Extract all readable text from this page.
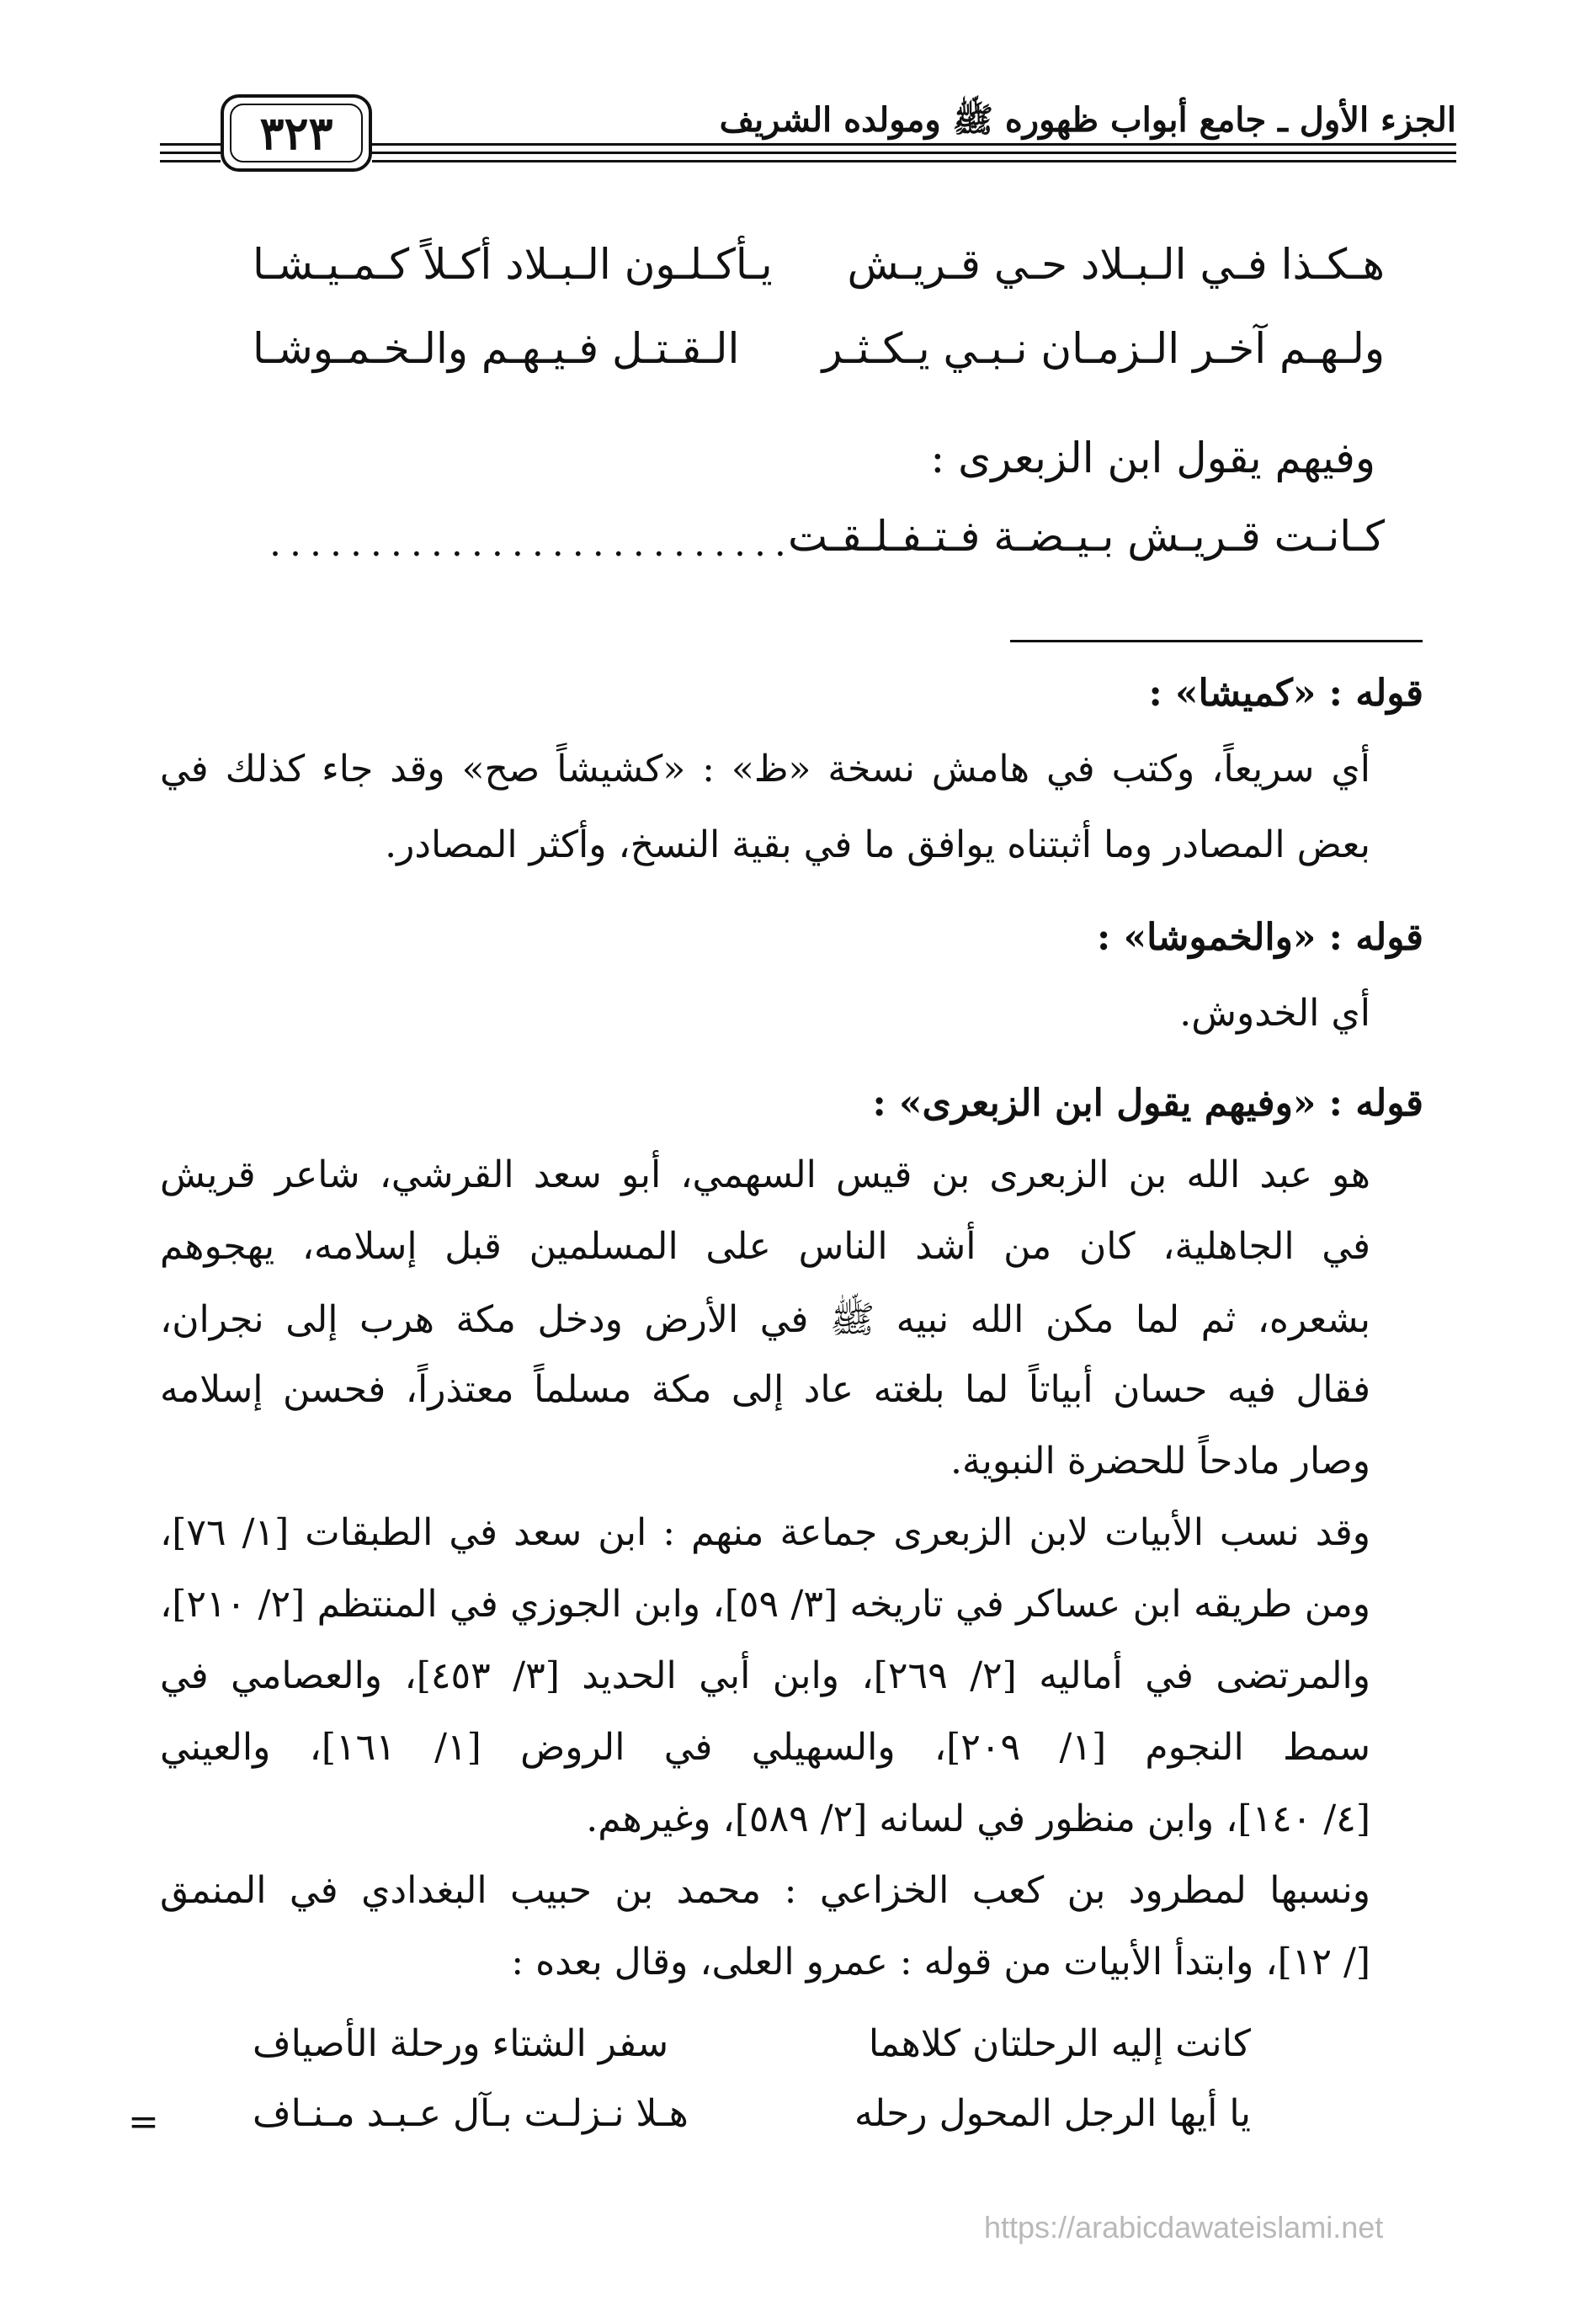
الجزء الأول ـ جامع أبواب ظهوره ﷺ ومولده الشريف
٣٢٣
هـكـذا فـي الـبـلاد حـي قـريـش
يـأكـلـون الـبـلاد أكـلاً كـمـيـشـا
ولـهـم آخـر الـزمـان نـبـي يـكـثـر
الـقـتـل فـيـهـم والـخـمـوشـا
وفيهم يقول ابن الزبعرى :
كـانـت قـريـش بـيـضـة فـتـفـلـقـت
......
....................
قوله : «كميشا» :
أي سريعاً، وكتب في هامش نسخة «ظ» : «كشيشاً صح» وقد جاء كذلك في
بعض المصادر وما أثبتناه يوافق ما في بقية النسخ، وأكثر المصادر.
قوله : «والخموشا» :
أي الخدوش.
قوله : «وفيهم يقول ابن الزبعرى» :
هو عبد الله بن الزبعرى بن قيس السهمي، أبو سعد القرشي، شاعر قريش
في الجاهلية، كان من أشد الناس على المسلمين قبل إسلامه، يهجوهم
بشعره، ثم لما مكن الله نبيه ﷺ في الأرض ودخل مكة هرب إلى نجران،
فقال فيه حسان أبياتاً لما بلغته عاد إلى مكة مسلماً معتذراً، فحسن إسلامه
وصار مادحاً للحضرة النبوية.
وقد نسب الأبيات لابن الزبعرى جماعة منهم : ابن سعد في الطبقات [١/ ٧٦]،
ومن طريقه ابن عساكر في تاريخه [٣/ ٥٩]، وابن الجوزي في المنتظم [٢/ ٢١٠]،
والمرتضى في أماليه [٢/ ٢٦٩]، وابن أبي الحديد [٣/ ٤٥٣]، والعصامي في
سمط النجوم [١/ ٢٠٩]، والسهيلي في الروض [١/ ١٦١]، والعيني
[٤/ ١٤٠]، وابن منظور في لسانه [٢/ ٥٨٩]، وغيرهم.
ونسبها لمطرود بن كعب الخزاعي : محمد بن حبيب البغدادي في المنمق
[/ ١٢]، وابتدأ الأبيات من قوله : عمرو العلى، وقال بعده :
كانت إليه الرحلتان كلاهما
سفر الشتاء ورحلة الأصياف
يا أيها الرجل المحول رحله
هـلا نـزلـت بـآل عـبـد مـنـاف
=
https://arabicdawateislami.net
